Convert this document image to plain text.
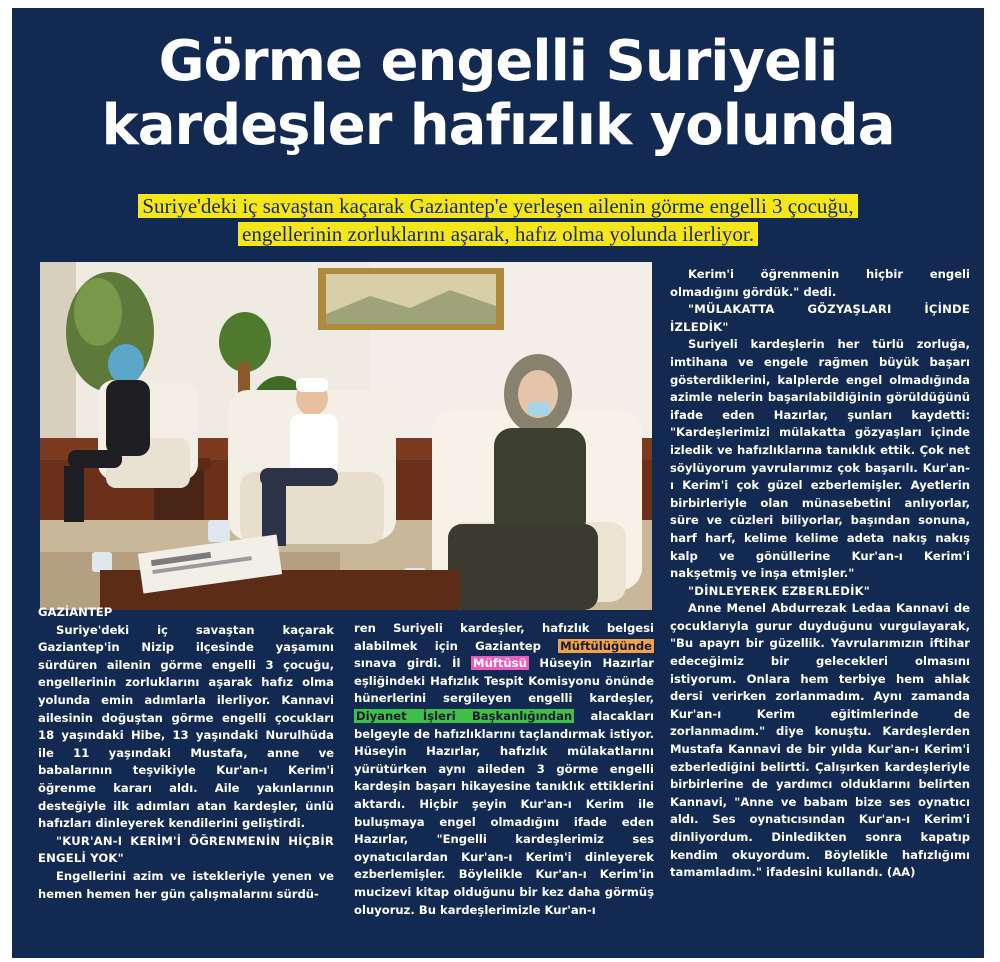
Görme engelli Suriyeli
kardeşler hafızlık yolunda
Suriye'deki iç savaştan kaçarak Gaziantep'e yerleşen ailenin görme engelli 3 çocuğu,
engellerinin zorluklarını aşarak, hafız olma yolunda ilerliyor.

GAZİANTEP

Suriye'deki iç savaştan kaçarak Gaziantep'in Nizip ilçesinde yaşamını sürdüren ailenin görme engelli 3 çocuğu, engellerinin zorluklarını aşarak hafız olma yolunda emin adımlarla ilerliyor. Kannavi ailesinin doğuştan görme engelli çocukları 18 yaşındaki Hibe, 13 yaşındaki Nurulhüda ile 11 yaşındaki Mustafa, anne ve babalarının teşvikiyle Kur'an-ı Kerim'i öğrenme kararı aldı. Aile yakınlarının desteğiyle ilk adımları atan kardeşler, ünlü hafızları dinleyerek kendilerini geliştirdi.

"KUR'AN-I KERİM'İ ÖĞRENMENİN HİÇBİR ENGELİ YOK"

Engellerini azim ve istekleriyle yenen ve hemen hemen her gün çalışmalarını sürdü-

ren Suriyeli kardeşler, hafızlık belgesi alabilmek için Gaziantep Müftülüğünde sınava girdi. İl Müftüsü Hüseyin Hazırlar eşliğindeki Hafızlık Tespit Komisyonu önünde hünerlerini sergileyen engelli kardeşler, Diyanet İşleri Başkanlığından alacakları belgeyle de hafızlıklarını taçlandırmak istiyor. Hüseyin Hazırlar, hafızlık mülakatlarını yürütürken aynı aileden 3 görme engelli kardeşin başarı hikayesine tanıklık ettiklerini aktardı. Hiçbir şeyin Kur'an-ı Kerim ile buluşmaya engel olmadığını ifade eden Hazırlar, "Engelli kardeşlerimiz ses oynatıcılardan Kur'an-ı Kerim'i dinleyerek ezberlemişler. Böylelikle Kur'an-ı Kerim'in mucizevi kitap olduğunu bir kez daha görmüş oluyoruz. Bu kardeşlerimizle Kur'an-ı

Kerim'i öğrenmenin hiçbir engeli olmadığını gördük." dedi.

"MÜLAKATTA GÖZYAŞLARI İÇİNDE İZLEDİK"

Suriyeli kardeşlerin her türlü zorluğa, imtihana ve engele rağmen büyük başarı gösterdiklerini, kalplerde engel olmadığında azimle nelerin başarılabildiğinin görüldüğünü ifade eden Hazırlar, şunları kaydetti: "Kardeşlerimizi mülakatta gözyaşları içinde izledik ve hafızlıklarına tanıklık ettik. Çok net söylüyorum yavrularımız çok başarılı. Kur'an-ı Kerim'i çok güzel ezberlemişler. Ayetlerin birbirleriyle olan münasebetini anlıyorlar, süre ve cüzleri biliyorlar, başından sonuna, harf harf, kelime kelime adeta nakış nakış kalp ve gönüllerine Kur'an-ı Kerim'i nakşetmiş ve inşa etmişler."

"DİNLEYEREK EZBERLEDİK"

Anne Menel Abdurrezak Ledaa Kannavi de çocuklarıyla gurur duyduğunu vurgulayarak, "Bu apayrı bir güzellik. Yavrularımızın iftihar edeceğimiz bir gelecekleri olmasını istiyorum. Onlara hem terbiye hem ahlak dersi verirken zorlanmadım. Aynı zamanda Kur'an-ı Kerim eğitimlerinde de zorlanmadım." diye konuştu. Kardeşlerden Mustafa Kannavi de bir yılda Kur'an-ı Kerim'i ezberlediğini belirtti. Çalışırken kardeşleriyle birbirlerine de yardımcı olduklarını belirten Kannavi, "Anne ve babam bize ses oynatıcı aldı. Ses oynatıcısından Kur'an-ı Kerim'i dinliyordum. Dinledikten sonra kapatıp kendim okuyordum. Böylelikle hafızlığımı tamamladım." ifadesini kullandı. (AA)
